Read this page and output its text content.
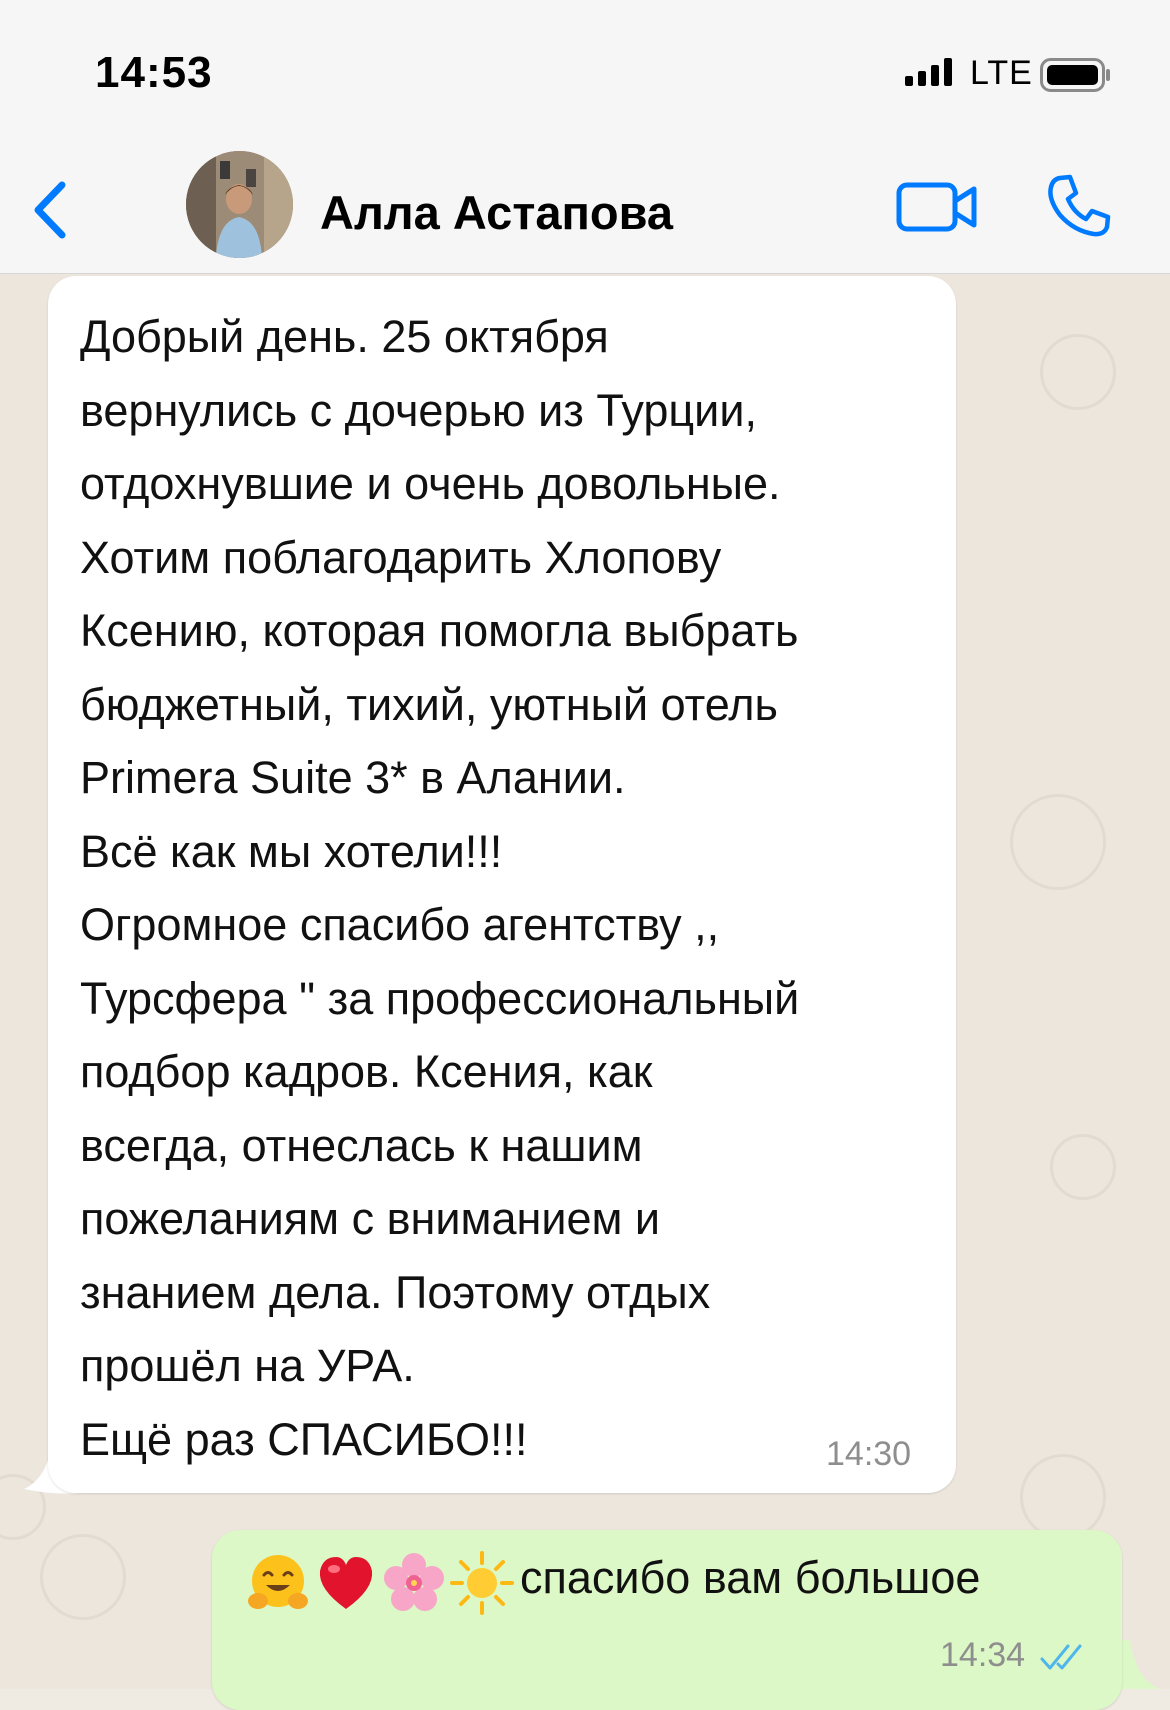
14:53	LTE
Алла Астапова
Добрый день. 25 октября
вернулись с дочерью из Турции,
отдохнувшие и очень довольные.
Хотим поблагодарить Хлопову
Ксению, которая помогла выбрать
бюджетный, тихий, уютный отель
Primera Suite 3* в Алании.
Всё как мы хотели!!!
Огромное спасибо агентству ,,
Турсфера " за профессиональный
подбор кадров. Ксения, как
всегда, отнеслась к нашим
пожеланиям с вниманием и
знанием дела. Поэтому отдых
прошёл на УРА.
Ещё раз СПАСИБО!!!	14:30
спасибо вам большое
14:34
